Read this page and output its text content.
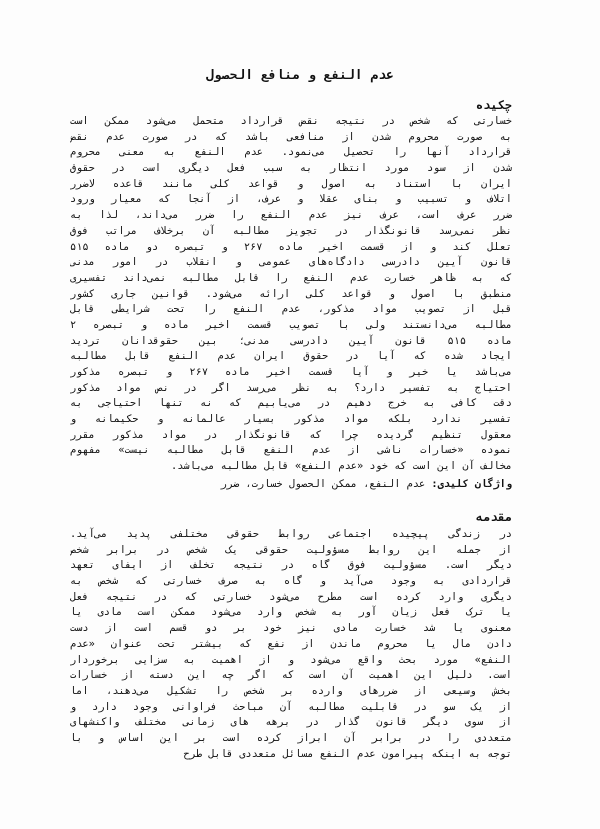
عدم النفع و منافع الحصول
چکیده
خسارتی که شخص در نتیجه نقض قرارداد متحمل می‌شود ممکن است
به صورت محروم شدن از منافعی باشد که در صورت عدم نقض
قرارداد آنها را تحصیل می‌نمود. عدم النفع به معنی محروم
شدن از سود مورد انتظار به سبب فعل دیگری است در حقوق
ایران با استناد به اصول و قواعد کلی مانند قاعده لاضرر
اتلاف و تسبیب و بنای عقلا و عرف، از آنجا که معیار ورود
ضرر عرف است، عرف نیز عدم النفع را ضرر می‌داند، لذا به
نظر نمی‌رسد قانونگذار در تجویز مطالبه آن برخلاف مراتب فوق
تعلل کند و از قسمت اخیر ماده ۲۶۷ و تبصره دو ماده ۵۱۵
قانون آیین دادرسی دادگاه‌های عمومی و انقلاب در امور مدنی
که به ظاهر خسارت عدم النفع را قابل مطالبه نمی‌داند تفسیری
منطبق با اصول و قواعد کلی ارائه می‌شود. قوانین جاری کشور
قبل از تصویب مواد مذکور، عدم النفع را تحت شرایطی قابل
مطالبه می‌دانستند ولی با تصویب قسمت اخیر ماده و تبصره ۲
ماده ۵۱۵ قانون آیین دادرسی مدنی؛ بین حقوقدانان تردید
ایجاد شده که آیا در حقوق ایران عدم النفع قابل مطالبه
می‌باشد یا خیر و آیا قسمت اخیر ماده ۲۶۷ و تبصره مذکور
احتیاج به تفسیر دارد؟ به نظر می‌رسد اگر در نص مواد مذکور
دقت کافی به خرج دهیم در می‌یابیم که نه تنها احتیاجی به
تفسیر ندارد بلکه مواد مذکور بسیار عالمانه و حکیمانه و
معقول تنظیم گردیده چرا که قانونگذار در مواد مذکور مقرر
نموده «خسارات ناشی از عدم النفع قابل مطالبه نیست» مفهوم
مخالف آن این است که خود «عدم النفع» قابل مطالبه می‌باشد.
واژگان کلیدی: عدم النفع، ممکن الحصول خسارت، ضرر
مقدمه
در زندگی پیچیده اجتماعی روابط حقوقی مختلفی پدید می‌آید.
از جمله این روابط مسؤولیت حقوقی یک شخص در برابر شخص
دیگر است. مسؤولیت فوق گاه در نتیجه تخلف از ایفای تعهد
قراردادی به وجود می‌آید و گاه به صرف خسارتی که شخص به
دیگری وارد کرده است مطرح می‌شود خسارتی که در نتیجه فعل
یا ترک فعل زیان آور به شخص وارد می‌شود ممکن است مادی یا
معنوی یا شد خسارت مادی نیز خود بر دو قسم است از دست
دادن مال یا محروم ماندن از نفع که بیشتر تحت عنوان «عدم
النفع» مورد بحث واقع می‌شود و از اهمیت به سزایی برخوردار
است. دلیل این اهمیت آن است که اگر چه این دسته از خسارات
بخش وسیعی از ضررهای وارده بر شخص را تشکیل می‌دهند، اما
از یک سو در قابلیت مطالبه آن مباحث فراوانی وجود دارد و
از سوی دیگر قانون گذار در برهه های زمانی مختلف واکنشهای
متعددی را در برابر آن ابراز کرده است بر این اساس و با
توجه به اینکه پیرامون عدم النفع مسائل متعددی قابل طرح
